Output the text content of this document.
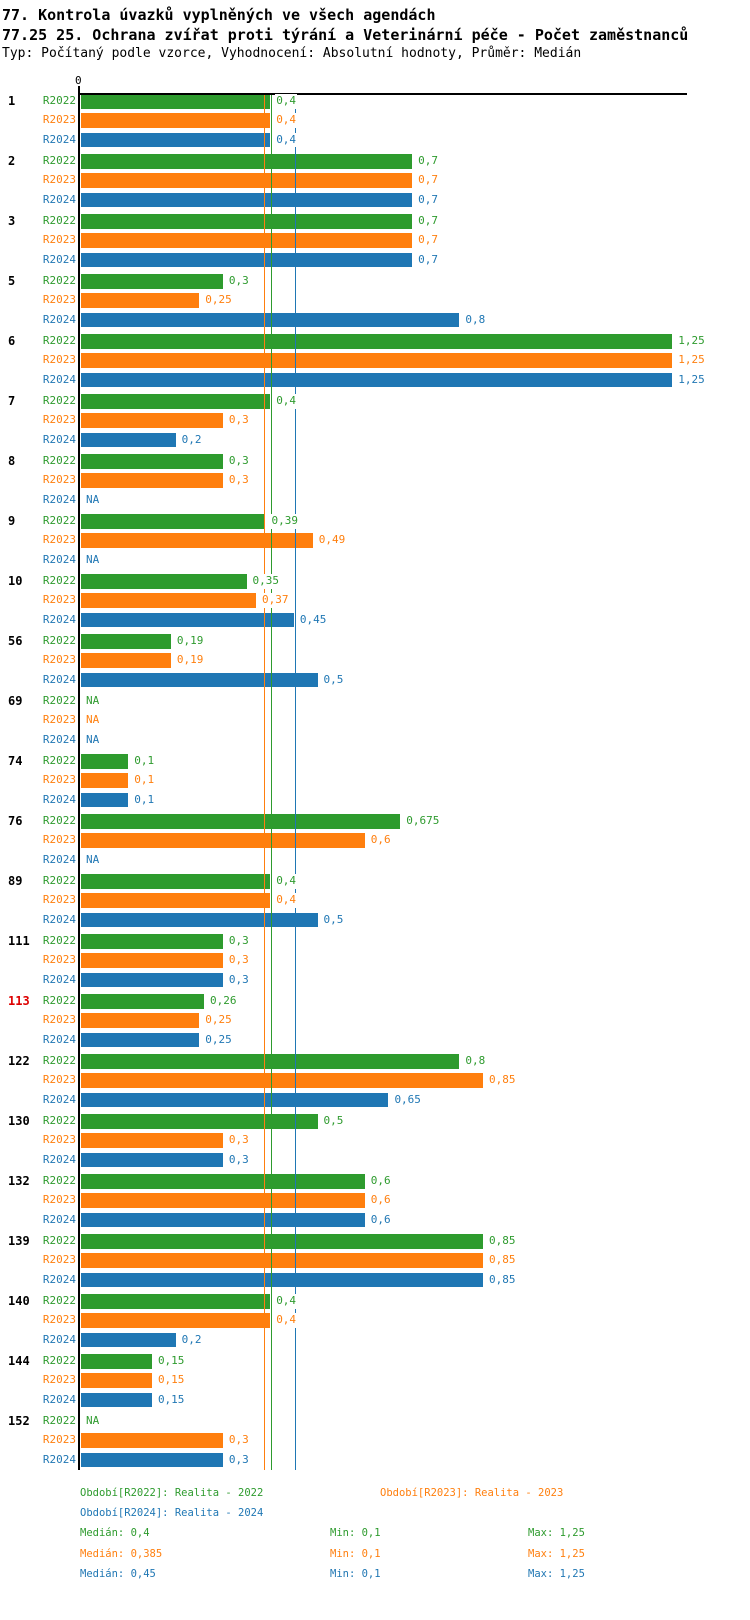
77. Kontrola úvazků vyplněných ve všech agendách
77.25 25. Ochrana zvířat proti týrání a Veterinární péče - Počet zaměstnanců
Typ: Počítaný podle vzorce, Vyhodnocení: Absolutní hodnoty, Průměr: Medián
0
1	R2022	0,4
R2023	0,4
R2024	0,4
2	R2022	0,7
R2023	0,7
R2024	0,7
3	R2022	0,7
R2023	0,7
R2024	0,7
5	R2022	0,3
R2023	0,25
R2024	0,8
6	R2022	1,25
R2023	1,25
R2024	1,25
7	R2022	0,4
R2023	0,3
R2024	0,2
8	R2022	0,3
R2023	0,3
R2024 NA
9	R2022	0,39
R2023	0,49
R2024 NA
10	R2022	0,35
R2023	0,37
R2024	0,45
56	R2022	0,19
R2023	0,19
R2024	0,5
69	R2022 NA
R2023 NA
R2024 NA
74	R2022	0,1
R2023	0,1
R2024	0,1
76	R2022	0,675
R2023	0,6
R2024 NA
89	R2022	0,4
R2023	0,4
R2024	0,5
111	R2022	0,3
R2023	0,3
R2024	0,3
113	R2022	0,26
R2023	0,25
R2024	0,25
122	R2022	0,8
R2023	0,85
R2024	0,65
130	R2022	0,5
R2023	0,3
R2024	0,3
132	R2022	0,6
R2023	0,6
R2024	0,6
139	R2022	0,85
R2023	0,85
R2024	0,85
140	R2022	0,4
R2023	0,4
R2024	0,2
144	R2022	0,15
R2023	0,15
R2024	0,15
152	R2022 NA
R2023	0,3
R2024	0,3

Období[R2022]: Realita - 2022

	Období[R2023]: Realita - 2023

Období[R2024]: Realita - 2024

Medián: 0,4

	Min: 0,1

	Max: 1,25

Medián: 0,385

	Min: 0,1

	Max: 1,25

Medián: 0,45

	Min: 0,1

	Max: 1,25
